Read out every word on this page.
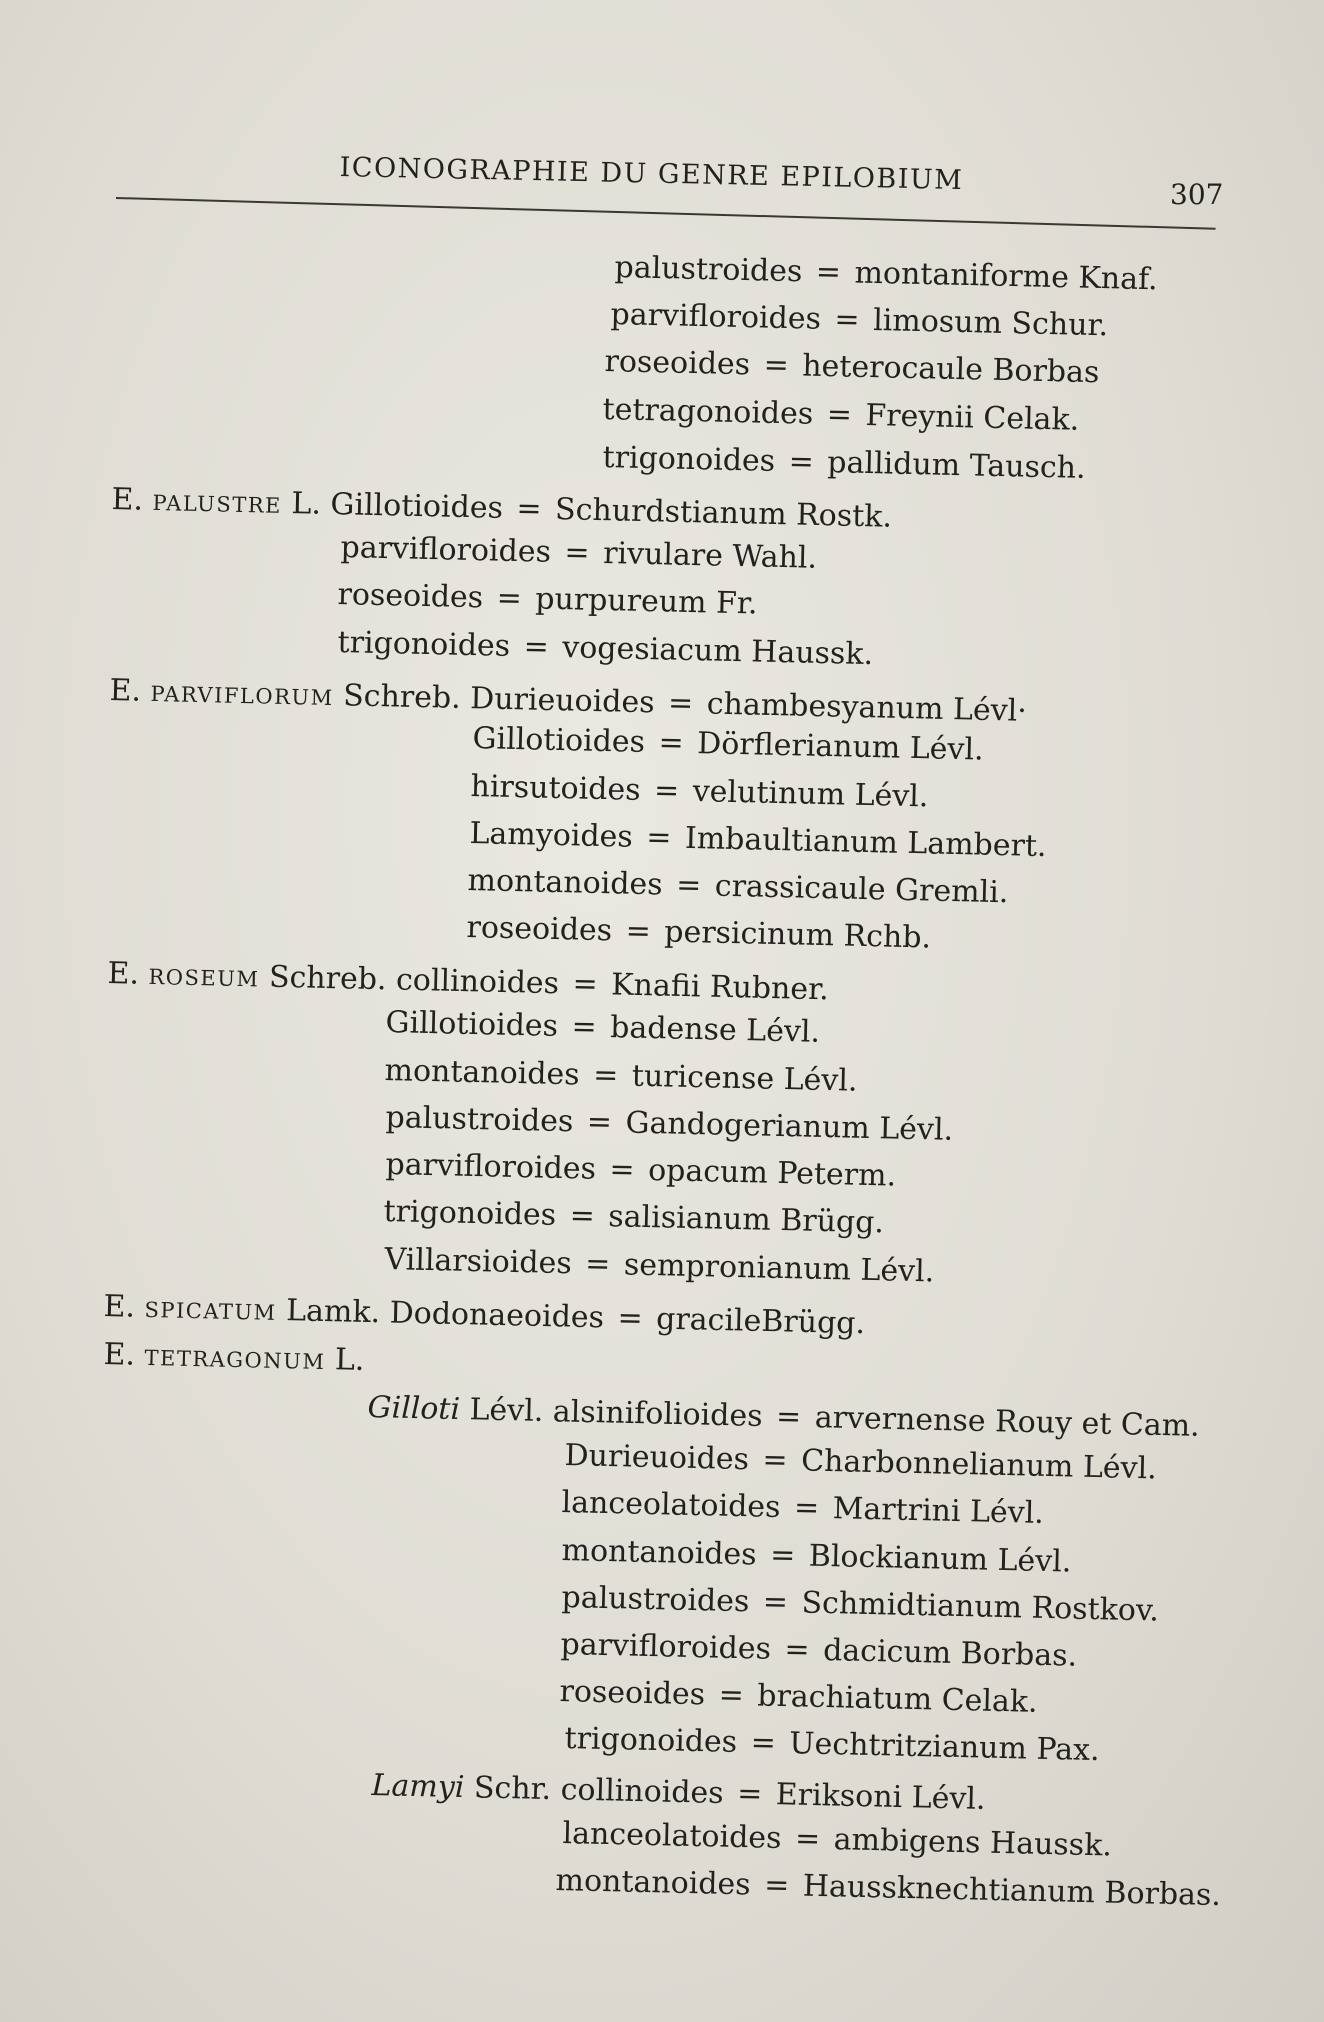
ICONOGRAPHIE DU GENRE EPILOBIUM	307
palustroides = montaniforme Knaf.
parvifloroides = limosum Schur.
roseoides = heterocaule Borbas
tetragonoides = Freynii Celak.
trigonoides = pallidum Tausch.
E. PALUSTRE L. Gillotioides = Schurdstianum Rostk.
parvifloroides = rivulare Wahl.
roseoides = purpureum Fr.
trigonoides = vogesiacum Haussk.
E. PARVIFLORUM Schreb. Durieuoides = chambesyanum Lévl·
Gillotioides = Dörflerianum Lévl.
hirsutoides = velutinum Lévl.
Lamyoides = Imbaultianum Lambert.
montanoides = crassicaule Gremli.
roseoides = persicinum Rchb.
E. ROSEUM Schreb. collinoides = Knafii Rubner.
Gillotioides = badense Lévl.
montanoides = turicense Lévl.
palustroides = Gandogerianum Lévl.
parvifloroides = opacum Peterm.
trigonoides = salisianum Brügg.
Villarsioides = sempronianum Lévl.
E. SPICATUM Lamk. Dodonaeoides = gracileBrügg.
E. TETRAGONUM L.
Gilloti Lévl. alsinifolioides = arvernense Rouy et Cam.
Durieuoides = Charbonnelianum Lévl.
lanceolatoides = Martrini Lévl.
montanoides = Blockianum Lévl.
palustroides = Schmidtianum Rostkov.
parvifloroides = dacicum Borbas.
roseoides = brachiatum Celak.
trigonoides = Uechtritzianum Pax.
Lamyi Schr. collinoides = Eriksoni Lévl.
lanceolatoides = ambigens Haussk.
montanoides = Haussknechtianum Borbas.
